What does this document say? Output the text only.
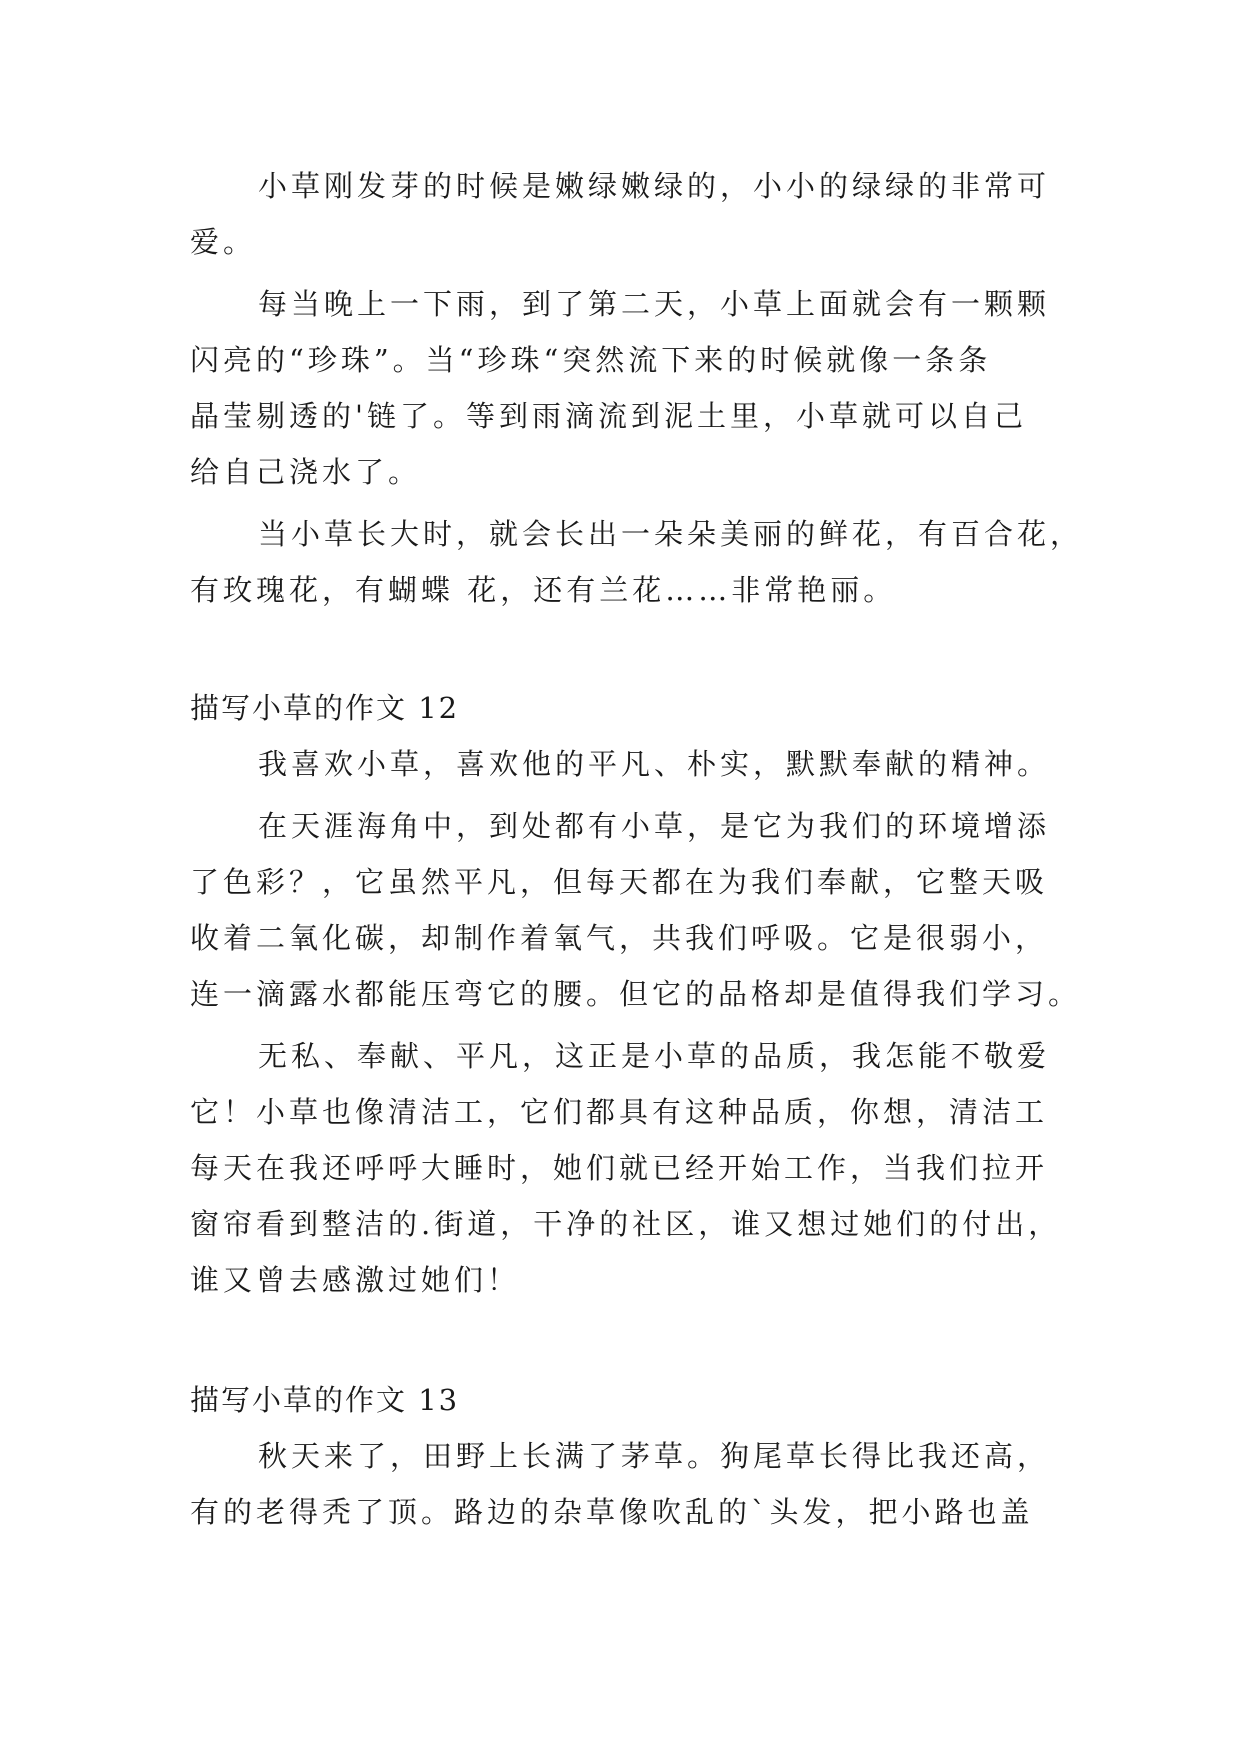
小草刚发芽的时候是嫩绿嫩绿的，小小的绿绿的非常可
爱。
每当晚上一下雨，到了第二天，小草上面就会有一颗颗
闪亮的“珍珠”。当“珍珠“突然流下来的时候就像一条条
晶莹剔透的'链了。等到雨滴流到泥土里，小草就可以自己
给自己浇水了。
当小草长大时，就会长出一朵朵美丽的鲜花，有百合花，
有玫瑰花，有蝴蝶 花，还有兰花……非常艳丽。
描写小草的作文 12
我喜欢小草，喜欢他的平凡、朴实，默默奉献的精神。
在天涯海角中，到处都有小草，是它为我们的环境增添
了色彩？，它虽然平凡，但每天都在为我们奉献，它整天吸
收着二氧化碳，却制作着氧气，共我们呼吸。它是很弱小，
连一滴露水都能压弯它的腰。但它的品格却是值得我们学习。
无私、奉献、平凡，这正是小草的品质，我怎能不敬爱
它！小草也像清洁工，它们都具有这种品质，你想，清洁工
每天在我还呼呼大睡时，她们就已经开始工作，当我们拉开
窗帘看到整洁的.街道，干净的社区，谁又想过她们的付出，
谁又曾去感激过她们！
描写小草的作文 13
秋天来了，田野上长满了茅草。狗尾草长得比我还高，
有的老得秃了顶。路边的杂草像吹乱的`头发，把小路也盖
